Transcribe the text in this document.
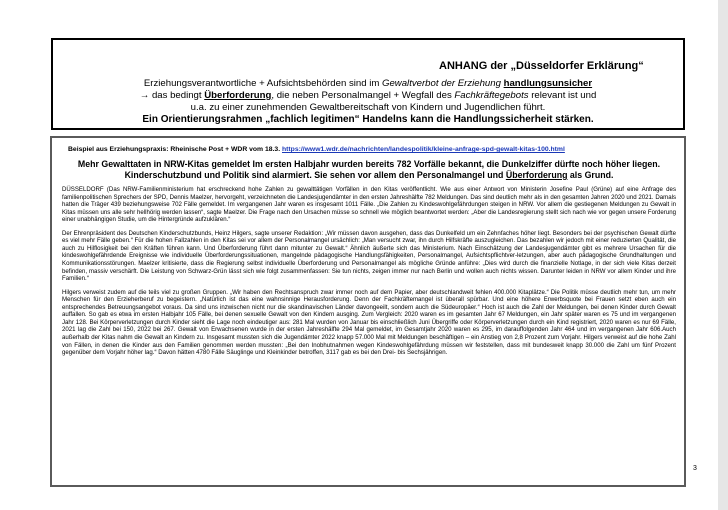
ANHANG der „Düsseldorfer Erklärung“
Erziehungsverantwortliche + Aufsichtsbehörden sind im Gewaltverbot der Erziehung handlungsunsicher
→ das bedingt Überforderung, die neben Personalmangel + Wegfall des Fachkräftegebots relevant ist und
u.a. zu einer zunehmenden Gewaltbereitschaft von Kindern und Jugendlichen führt.
Ein Orientierungsrahmen „fachlich legitimen“ Handelns kann die Handlungssicherheit stärken.
Beispiel aus Erziehungspraxis: Rheinische Post + WDR vom 18.3. https://www1.wdr.de/nachrichten/landespolitik/kleine-anfrage-spd-gewalt-kitas-100.html
Mehr Gewalttaten in NRW-Kitas gemeldet Im ersten Halbjahr wurden bereits 782 Vorfälle bekannt, die Dunkelziffer dürfte noch höher liegen. Kinderschutzbund und Politik sind alarmiert. Sie sehen vor allem den Personalmangel und Überforderung als Grund.

DÜSSELDORF (Das NRW-Familienministerium hat erschreckend hohe Zahlen zu gewalttätigen Vorfällen in den Kitas veröffentlicht. Wie aus einer Antwort von Ministerin Josefine Paul (Grüne) auf eine Anfrage des familienpolitischen Sprechers der SPD, Dennis Maelzer, hervorgeht, verzeichneten die Landesjugendämter in den ersten Jahreshälfte 782 Meldungen. Das sind deutlich mehr als in den gesamten Jahren 2020 und 2021. Damals hatten die Träger 439 beziehungsweise 702 Fälle gemeldet. Im vergangenen Jahr waren es insgesamt 1011 Fälle. „Die Zahlen zu Kindeswohlgefährdungen steigen in NRW. Vor allem die gestiegenen Meldungen zu Gewalt in Kitas müssen uns alle sehr hellhörig werden lassen“, sagte Maelzer. Die Frage nach den Ursachen müsse so schnell wie möglich beantwortet werden: „Aber die Landesregierung stellt sich nach wie vor gegen unsere Forderung einer unabhängigen Studie, um die Hintergründe aufzuklären.“

Der Ehrenpräsident des Deutschen Kinderschutzbunds, Heinz Hilgers, sagte unserer Redaktion: „Wir müssen davon ausgehen, dass das Dunkelfeld um ein Zehnfaches höher liegt. Besonders bei der psychischen Gewalt dürfte es viel mehr Fälle geben.“ Für die hohen Fallzahlen in den Kitas sei vor allem der Personalmangel ursächlich: „Man versucht zwar, ihn durch Hilfskräfte auszugleichen. Das bezahlen wir jedoch mit einer reduzierten Qualität, die auch zu Hilflosigkeit bei den Kräften führen kann. Und Überforderung führt dann mitunter zu Gewalt.“ Ähnlich äußerte sich das Ministerium. Nach Einschätzung der Landesjugendämter gibt es mehrere Ursachen für die kindeswohlgefährdende Ereignisse wie individuelle Überforderungssituationen, mangelnde pädagogische Handlungsfähigkeiten, Personalmangel, Aufsichtspflichtver-letzungen, aber auch pädagogische Grundhaltungen und Kommunikationsstörungen. Maelzer kritisierte, dass die Regierung selbst individuelle Überforderung und Personalmangel als mögliche Gründe anführe: „Dies wird durch die finanzielle Notlage, in der sich viele Kitas derzeit befinden, massiv verschärft. Die Leistung von Schwarz-Grün lässt sich wie folgt zusammenfassen: Sie tun nichts, zeigen immer nur nach Berlin und wollen auch nichts wissen. Darunter leiden in NRW vor allem Kinder und ihre Familien.“

Hilgers verweist zudem auf die teils viel zu großen Gruppen. „Wir haben den Rechtsanspruch zwar immer noch auf dem Papier, aber deutschlandweit fehlen 400.000 Kitaplätze.“ Die Politik müsse deutlich mehr tun, um mehr Menschen für den Erzieherberuf zu begeistern. „Natürlich ist das eine wahnsinnige Herausforderung. Denn der Fachkräftemangel ist überall spürbar. Und eine höhere Erwerbsquote bei Frauen setzt eben auch ein entsprechendes Betreuungsangebot voraus. Da sind uns inzwischen nicht nur die skandinavischen Länder davongeeilt, sondern auch die Südeuropäer.“ Hoch ist auch die Zahl der Meldungen, bei denen Kinder durch Gewalt auffallen. So gab es etwa im ersten Halbjahr 105 Fälle, bei denen sexuelle Gewalt von den Kindern ausging. Zum Vergleich: 2020 waren es im gesamten Jahr 67 Meldungen, ein Jahr später waren es 75 und im vergangenen Jahr 128. Bei Körperverletzungen durch Kinder sieht die Lage noch eindeutiger aus: 281 Mal wurden von Januar bis einschließlich Juni Übergriffe oder Körperverletzungen durch ein Kind registriert, 2020 waren es nur 69 Fälle, 2021 lag die Zahl bei 150, 2022 bei 267. Gewalt von Erwachsenen wurde in der ersten Jahreshälfte 294 Mal gemeldet, im Gesamtjahr 2020 waren es 295, im darauffolgenden Jahr 464 und im vergangenen Jahr 606.Auch außerhalb der Kitas nahm die Gewalt an Kindern zu. Insgesamt mussten sich die Jugendämter 2022 knapp 57.000 Mal mit Meldungen beschäftigen – ein Anstieg von 2,8 Prozent zum Vorjahr. Hilgers verweist auf die hohe Zahl von Fällen, in denen die Kinder aus den Familien genommen werden mussten: „Bei den Inobhutnahmen wegen Kindeswohlgefährdung müssen wir feststellen, dass mit bundesweit knapp 30.000 die Zahl um fünf Prozent gegenüber dem Vorjahr höher lag.“ Davon hätten 4780 Fälle Säuglinge und Kleinkinder betroffen, 3117 gab es bei den Drei- bis Sechsjährigen.

3
